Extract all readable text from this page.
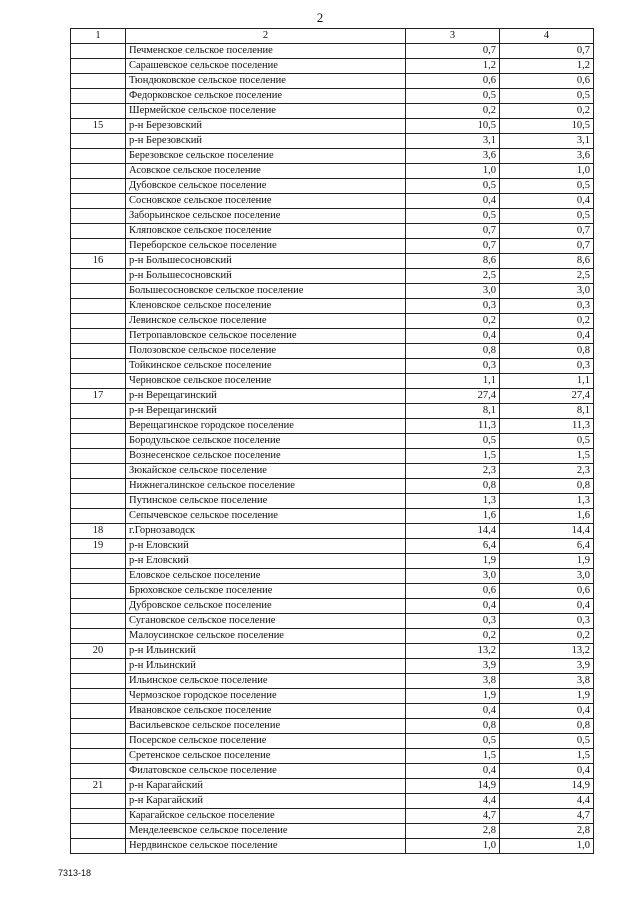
2
1	2	3	4
	Печменское сельское поселение	0,7	0,7
	Сарашевское сельское поселение	1,2	1,2
	Тюндюковское сельское поселение	0,6	0,6
	Федорковское сельское поселение	0,5	0,5
	Шермейское сельское поселение	0,2	0,2
15	р-н Березовский	10,5	10,5
	р-н Березовский	3,1	3,1
	Березовское сельское поселение	3,6	3,6
	Асовское сельское поселение	1,0	1,0
	Дубовское сельское поселение	0,5	0,5
	Сосновское сельское поселение	0,4	0,4
	Заборьинское сельское поселение	0,5	0,5
	Кляповское сельское поселение	0,7	0,7
	Переборское сельское поселение	0,7	0,7
16	р-н Большесосновский	8,6	8,6
	р-н Большесосновский	2,5	2,5
	Большесосновское сельское поселение	3,0	3,0
	Кленовское сельское поселение	0,3	0,3
	Левинское сельское поселение	0,2	0,2
	Петропавловское сельское поселение	0,4	0,4
	Полозовское сельское поселение	0,8	0,8
	Тойкинское сельское поселение	0,3	0,3
	Черновское сельское поселение	1,1	1,1
17	р-н Верещагинский	27,4	27,4
	р-н Верещагинский	8,1	8,1
	Верещагинское городское поселение	11,3	11,3
	Бородульское сельское поселение	0,5	0,5
	Вознесенское сельское поселение	1,5	1,5
	Зюкайское сельское поселение	2,3	2,3
	Нижнегалинское сельское поселение	0,8	0,8
	Путинское сельское поселение	1,3	1,3
	Сепычевское сельское поселение	1,6	1,6
18	г.Горнозаводск	14,4	14,4
19	р-н Еловский	6,4	6,4
	р-н Еловский	1,9	1,9
	Еловское сельское поселение	3,0	3,0
	Брюховское сельское поселение	0,6	0,6
	Дубровское сельское поселение	0,4	0,4
	Сугановское сельское поселение	0,3	0,3
	Малоусинское сельское поселение	0,2	0,2
20	р-н Ильинский	13,2	13,2
	р-н Ильинский	3,9	3,9
	Ильинское сельское поселение	3,8	3,8
	Чермозское городское поселение	1,9	1,9
	Ивановское сельское поселение	0,4	0,4
	Васильевское сельское поселение	0,8	0,8
	Посерское сельское поселение	0,5	0,5
	Сретенское сельское поселение	1,5	1,5
	Филатовское сельское поселение	0,4	0,4
21	р-н Карагайский	14,9	14,9
	р-н Карагайский	4,4	4,4
	Карагайское сельское поселение	4,7	4,7
	Менделеевское сельское поселение	2,8	2,8
	Нердвинское сельское поселение	1,0	1,0
7313-18
